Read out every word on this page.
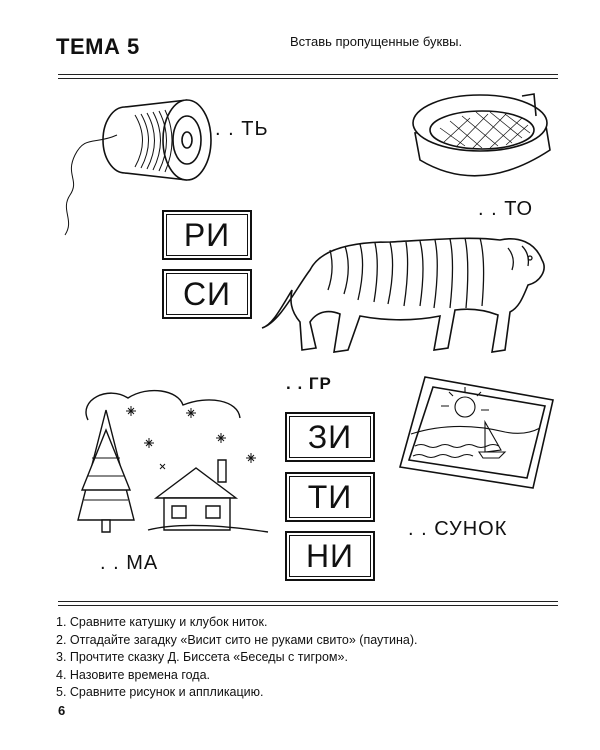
ТЕМА 5	Вставь пропущенные буквы.
. . ТЬ
. . ТО
РИ
СИ
. . ГР
ЗИ
ТИ
НИ
. . МА
. . СУНОК
1. Сравните катушку и клубок ниток.
2. Отгадайте загадку «Висит сито не руками свито» (паутина).
3. Прочтите сказку Д. Биссета «Беседы с тигром».
4. Назовите времена года.
5. Сравните рисунок и аппликацию.
6
